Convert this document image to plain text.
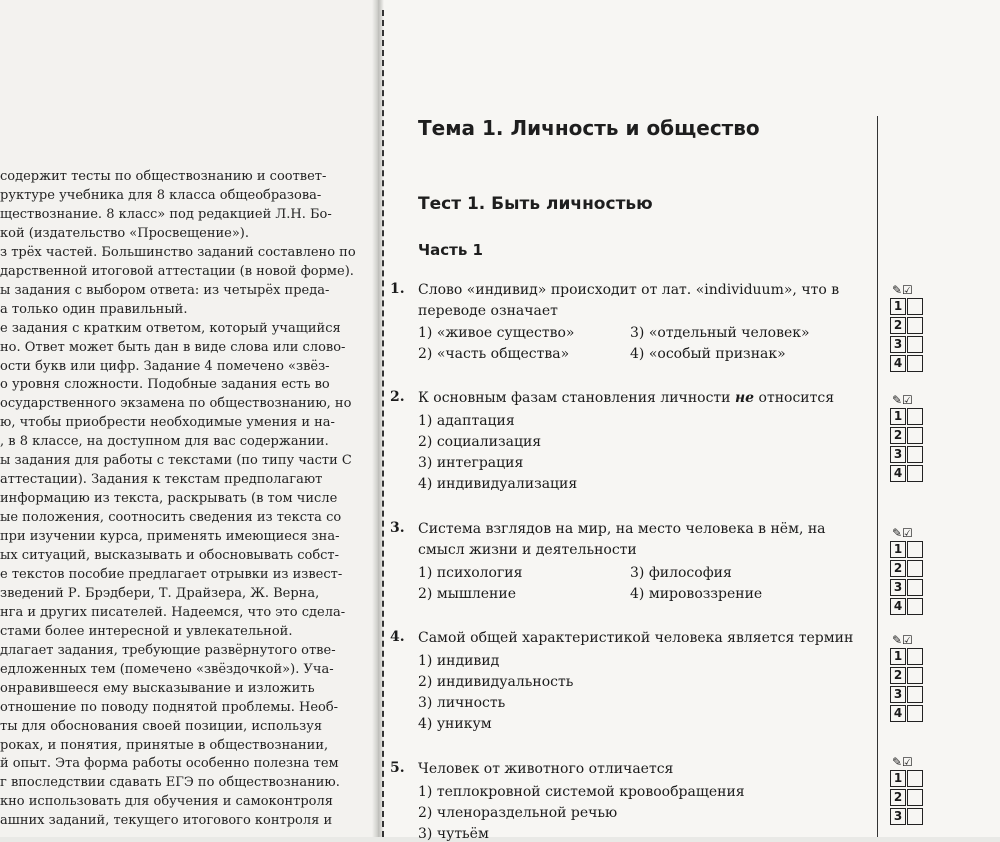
содержит тесты по обществознанию и соответ-
руктуре учебника для 8 класса общеобразова-
ществознание. 8 класс» под редакцией Л.Н. Бо-
кой (издательство «Просвещение»).
з трёх частей. Большинство заданий составлено по
дарственной итоговой аттестации (в новой форме).
ы задания с выбором ответа: из четырёх предa-
а только один правильный.
е задания с кратким ответом, который учащийся
но. Ответ может быть дан в виде слова или слово-
ости букв или цифр. Задание 4 помечено «звёз-
о уровня сложности. Подобные задания есть во
осударственного экзамена по обществознанию, но
ю, чтобы приобрести необходимые умения и на-
, в 8 классе, на доступном для вас содержании.
ы задания для работы с текстами (по типу части С
аттестации). Задания к текстам предполагают
информацию из текста, раскрывать (в том числе
ые положения, соотносить сведения из текста со
при изучении курса, применять имеющиеся зна-
ых ситуаций, высказывать и обосновывать собст-
е текстов пособие предлагает отрывки из извест-
зведений Р. Брэдбери, Т. Драйзера, Ж. Верна,
нга и других писателей. Надеемся, что это сдела-
стами более интересной и увлекательной.
длагает задания, требующие развёрнутого отве-
едложенных тем (помечено «звёздочкой»). Уча-
онравившееся ему высказывание и изложить
отношение по поводу поднятой проблемы. Необ-
ты для обоснования своей позиции, используя
роках, и понятия, принятые в обществознании,
й опыт. Эта форма работы особенно полезна тем
г впоследствии сдавать ЕГЭ по обществознанию.
кно использовать для обучения и самоконтроля
ашних заданий, текущего итогового контроля и
Тема 1. Личность и общество
Тест 1. Быть личностью
Часть 1
1. Слово «индивид» происходит от лат. «individuum», что в переводе означает
1) «живое существо»
2) «часть общества»
3) «отдельный человек»
4) «особый признак»
2. К основным фазам становления личности не относится
1) адаптация
2) социализация
3) интеграция
4) индивидуализация
3. Система взглядов на мир, на место человека в нём, на смысл жизни и деятельности
1) психология
2) мышление
3) философия
4) мировоззрение
4. Самой общей характеристикой человека является термин
1) индивид
2) индивидуальность
3) личность
4) уникум
5. Человек от животного отличается
1) теплокровной системой кровообращения
2) членораздельной речью
3) чутьём
✎☑
1
2
3
4
✎☑
1
2
3
4
✎☑
1
2
3
4
✎☑
1
2
3
4
✎☑
1
2
3
